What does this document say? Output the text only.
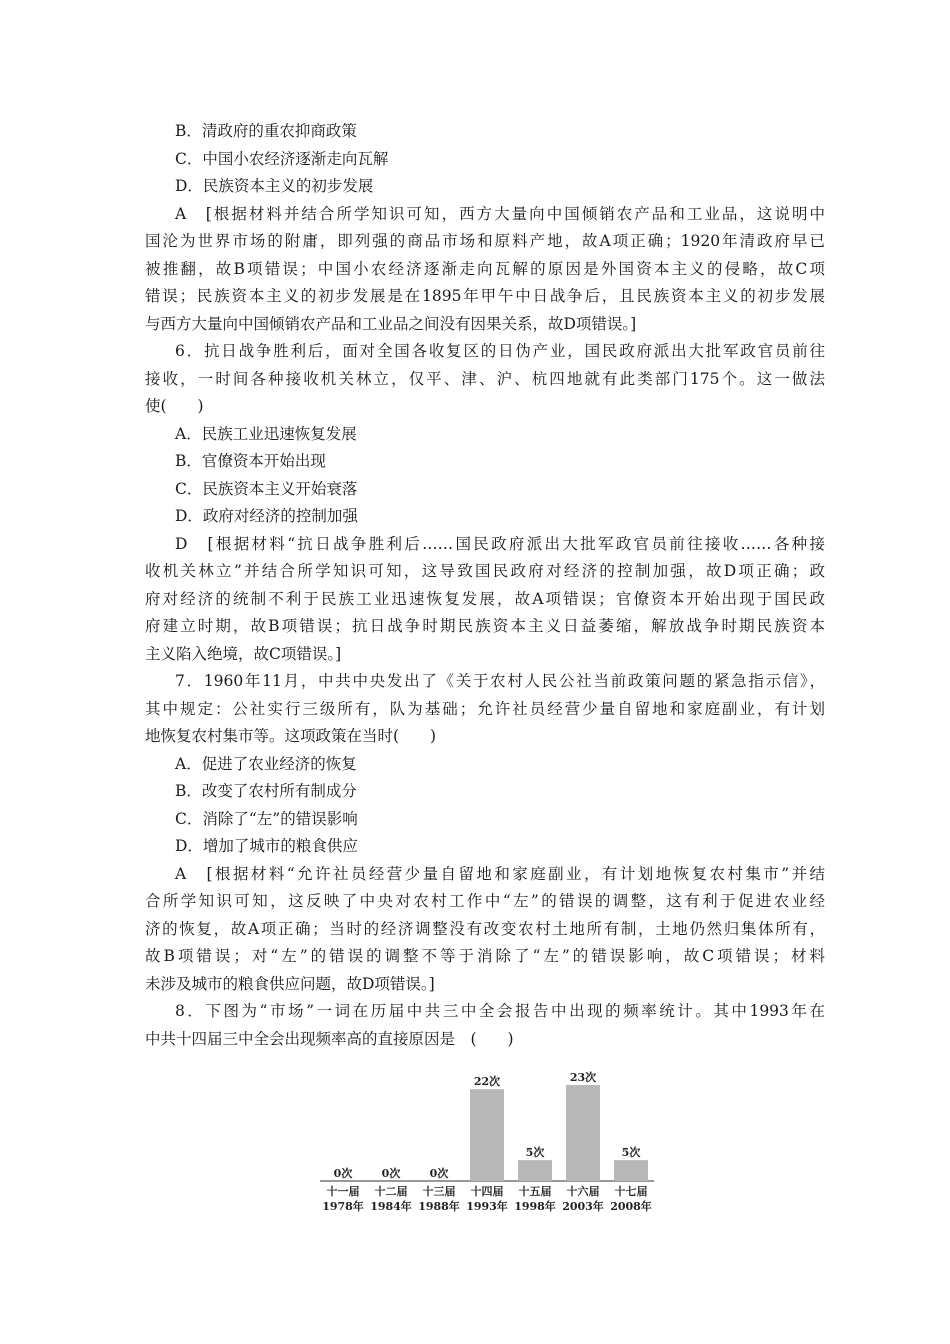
B．清政府的重农抑商政策
C．中国小农经济逐渐走向瓦解
D．民族资本主义的初步发展
A　[根据材料并结合所学知识可知，西方大量向中国倾销农产品和工业品，这说明中
国沦为世界市场的附庸，即列强的商品市场和原料产地，故A项正确；1920年清政府早已
被推翻，故B项错误；中国小农经济逐渐走向瓦解的原因是外国资本主义的侵略，故C项
错误；民族资本主义的初步发展是在1895年甲午中日战争后，且民族资本主义的初步发展
与西方大量向中国倾销农产品和工业品之间没有因果关系，故D项错误。]
6．抗日战争胜利后，面对全国各收复区的日伪产业，国民政府派出大批军政官员前往
接收，一时间各种接收机关林立，仅平、津、沪、杭四地就有此类部门175个。这一做法
使(　　)
A．民族工业迅速恢复发展
B．官僚资本开始出现
C．民族资本主义开始衰落
D．政府对经济的控制加强
D　[根据材料“抗日战争胜利后……国民政府派出大批军政官员前往接收……各种接
收机关林立”并结合所学知识可知，这导致国民政府对经济的控制加强，故D项正确；政
府对经济的统制不利于民族工业迅速恢复发展，故A项错误；官僚资本开始出现于国民政
府建立时期，故B项错误；抗日战争时期民族资本主义日益萎缩，解放战争时期民族资本
主义陷入绝境，故C项错误。]
7．1960年11月，中共中央发出了《关于农村人民公社当前政策问题的紧急指示信》，
其中规定：公社实行三级所有，队为基础；允许社员经营少量自留地和家庭副业，有计划
地恢复农村集市等。这项政策在当时(　　)
A．促进了农业经济的恢复
B．改变了农村所有制成分
C．消除了“左”的错误影响
D．增加了城市的粮食供应
A　[根据材料“允许社员经营少量自留地和家庭副业，有计划地恢复农村集市”并结
合所学知识可知，这反映了中央对农村工作中“左”的错误的调整，这有利于促进农业经
济的恢复，故A项正确；当时的经济调整没有改变农村土地所有制，土地仍然归集体所有，
故B项错误；对“左”的错误的调整不等于消除了“左”的错误影响，故C项错误；材料
未涉及城市的粮食供应问题，故D项错误。]
8．下图为“市场”一词在历届中共三中全会报告中出现的频率统计。其中1993年在
中共十四届三中全会出现频率高的直接原因是　(　　)
0次
十一届
1978年
0次
十二届
1984年
0次
十三届
1988年
22次
十四届
1993年
5次
十五届
1998年
23次
十六届
2003年
5次
十七届
2008年
